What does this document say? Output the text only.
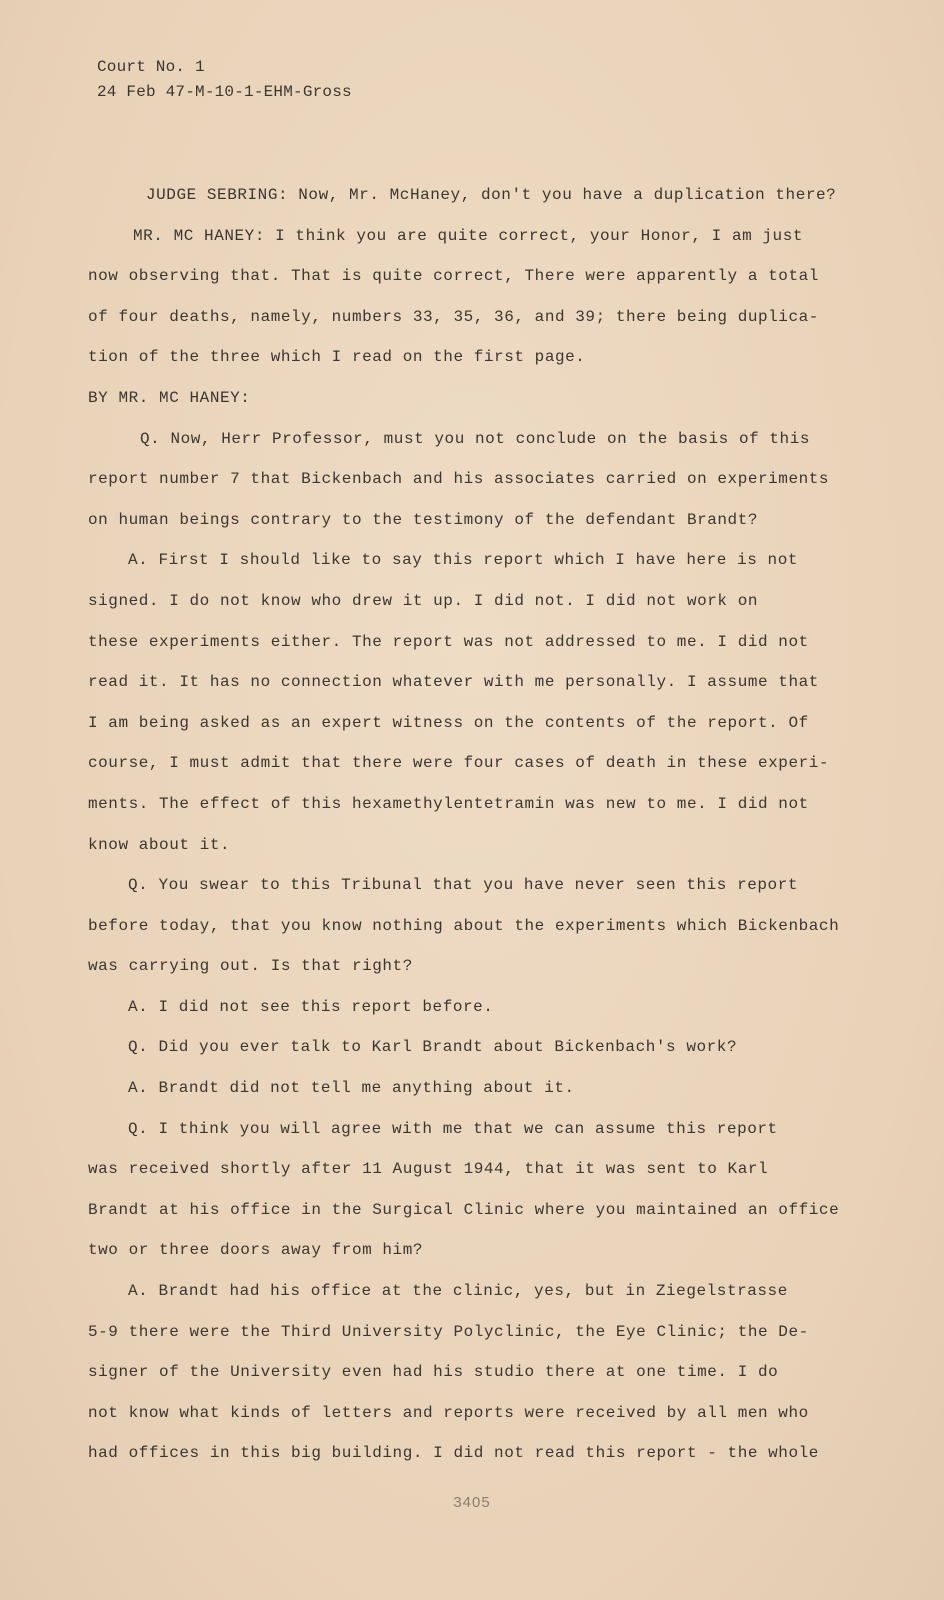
Court No. 1
24 Feb 47-M-10-1-EHM-Gross
JUDGE SEBRING: Now, Mr. McHaney, don't you have a duplication there?
MR. MC HANEY: I think you are quite correct, your Honor, I am just
now observing that. That is quite correct, There were apparently a total
of four deaths, namely, numbers 33, 35, 36, and 39; there being duplica-
tion of the three which I read on the first page.
BY MR. MC HANEY:
Q. Now, Herr Professor, must you not conclude on the basis of this
report number 7 that Bickenbach and his associates carried on experiments
on human beings contrary to the testimony of the defendant Brandt?
A. First I should like to say this report which I have here is not
signed. I do not know who drew it up. I did not. I did not work on
these experiments either. The report was not addressed to me. I did not
read it. It has no connection whatever with me personally. I assume that
I am being asked as an expert witness on the contents of the report. Of
course, I must admit that there were four cases of death in these experi-
ments. The effect of this hexamethylentetramin was new to me. I did not
know about it.
Q. You swear to this Tribunal that you have never seen this report
before today, that you know nothing about the experiments which Bickenbach
was carrying out. Is that right?
A. I did not see this report before.
Q. Did you ever talk to Karl Brandt about Bickenbach's work?
A. Brandt did not tell me anything about it.
Q. I think you will agree with me that we can assume this report
was received shortly after 11 August 1944, that it was sent to Karl
Brandt at his office in the Surgical Clinic where you maintained an office
two or three doors away from him?
A. Brandt had his office at the clinic, yes, but in Ziegelstrasse
5-9 there were the Third University Polyclinic, the Eye Clinic; the De-
signer of the University even had his studio there at one time. I do
not know what kinds of letters and reports were received by all men who
had offices in this big building. I did not read this report - the whole
3405
